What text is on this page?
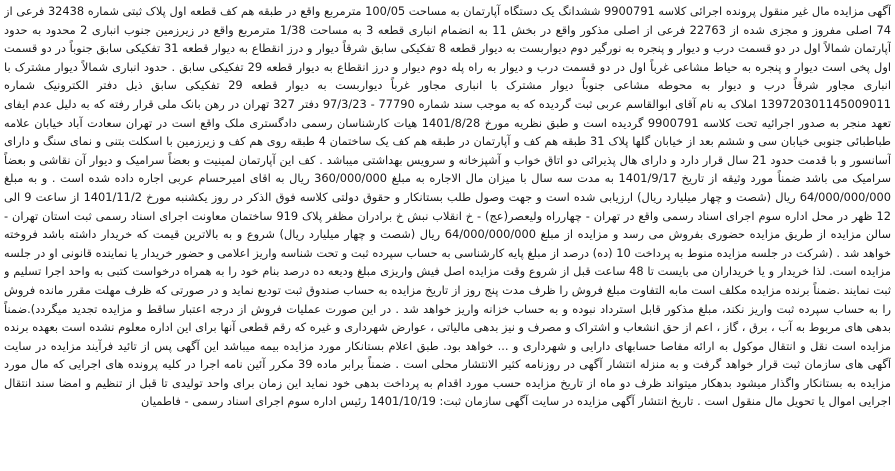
آگهی مزایده مال غیر منقول پرونده اجرائی کلاسه 9900791 ششدانگ یک دستگاه آپارتمان به مساحت 100/05 مترمربع واقع در طبقه هم کف قطعه اول پلاک ثبتی شماره 32438 فرعی از 74 اصلی مفروز و مجزی شده از 22763 فرعی از اصلی مذکور واقع در بخش 11 به انضمام انباری قطعه 3 به مساحت 1/38 مترمربع واقع در زیرزمین جنوب انباری 2 محدود به حدود آپارتمان شمالاً اول در دو قسمت درب و دیوار و پنجره به نورگیر دوم دیواربست به دیوار قطعه 8 تفکیکی سابق شرقاً دیوار و درز انقطاع به دیوار قطعه 31 تفکیکی سابق جنوباً در دو قسمت اول پخی است دیوار و پنجره به حیاط مشاعی غرباً اول در دو قسمت درب و دیوار به راه پله دوم دیوار و درز انقطاع به دیوار قطعه 29 تفکیکی سابق . حدود انباری شمالاً دیوار مشترک با انباری مجاور شرقاً درب و دیوار به محوطه مشاعی جنوباً دیوار مشترک با انباری مجاور غرباً دیواربست به دیوار قطعه 29 تفکیکی سابق ذیل دفتر الکترونیک شماره 139720301145009011 املاک به نام آقای ابوالقاسم عربی ثبت گردیده که به موجب سند شماره 77790 - 97/3/23 دفتر 327 تهران در رهن بانک ملی قرار رفته که به دلیل عدم ایفای تعهد منجر به صدور اجرائیه تحت کلاسه 9900791 گردیده است و طبق نظریه مورخ 1401/8/28 هیات کارشناسان رسمی دادگستری ملک واقع است در تهران سعادت آباد خیابان علامه طباطبائی جنوبی خیابان سی و ششم بعد از خیابان گلها پلاک 31 طبقه هم کف و آپارتمان در طبقه هم کف یک ساختمان 4 طبقه روی هم کف و زیرزمین با اسکلت بتنی و نمای سنگ و دارای آسانسور و با قدمت حدود 21 سال قرار دارد و دارای هال پذیرائی دو اتاق خواب و آشپزخانه و سرویس بهداشتی میباشد . کف این آپارتمان لمینیت و بعضاً سرامیک و دیوار آن نقاشی و بعضاً سرامیک می باشد ضمناً مورد وثیقه از تاریخ 1401/9/17 به مدت سه سال با میزان مال الاجاره به مبلغ 360/000/000 ریال به اقای امیرحسام عربی اجاره داده شده است . و به مبلغ 64/000/000/000 ریال (شصت و چهار میلیارد ریال) ارزیابی شده است و جهت وصول طلب بستانکار و حقوق دولتی کلاسه فوق الذکر در روز یکشنبه مورخ 1401/11/2 از ساعت 9 الی 12 ظهر در محل اداره سوم اجرای اسناد رسمی واقع در تهران - چهارراه ولیعصر(عج) - خ انقلاب نبش خ برادران مظفر پلاک 919 ساختمان معاونت اجرای اسناد رسمی ثبت استان تهران - سالن مزایده از طریق مزایده حضوری بفروش می رسد و مزایده از مبلغ 64/000/000/000 ریال (شصت و چهار میلیارد ریال) شروع و به بالاترین قیمت که خریدار داشته باشد فروخته خواهد شد . (شرکت در جلسه مزایده منوط به پرداخت 10 (ده) درصد از مبلغ پایه کارشناسی به حساب سپرده ثبت و تحت شناسه واریز اعلامی و حضور خریدار یا نماینده قانونی او در جلسه مزایده است. لذا خریدار و یا خریداران می بایست تا 48 ساعت قبل از شروع وقت مزایده اصل فیش واریزی مبلغ ودیعه ده درصد بنام خود را به همراه درخواست کتبی به واحد اجرا تسلیم و ثبت نمایند .ضمناً برنده مزایده مکلف است مابه التفاوت مبلغ فروش را ظرف مدت پنج روز از تاریخ مزایده به حساب صندوق ثبت تودیع نماید و در صورتی که ظرف مهلت مقرر مانده فروش را به حساب سپرده ثبت واریز نکند، مبلغ مذکور قابل استرداد نبوده و به حساب خزانه واریز خواهد شد . در این صورت عملیات فروش از درجه اعتبار ساقط و مزایده تجدید میگردد).ضمناً بدهی های مربوط به آب ، برق ، گاز ، اعم از حق انشعاب و اشتراک و مصرف و نیز بدهی مالیاتی ، عوارض شهرداری و غیره که رقم قطعی آنها برای این اداره معلوم نشده است بعهده برنده مزایده است نقل و انتقال موکول به ارائه مفاصا حسابهای دارایی و شهرداری و ... خواهد بود. طبق اعلام بستانکار مورد مزایده بیمه میباشد این آگهی پس از تائید فرآیند مزایده در سایت آگهی های سازمان ثبت قرار خواهد گرفت و به منزله انتشار آگهی در روزنامه کثیر الانتشار محلی است . ضمناً برابر ماده 39 مکرر آئین نامه اجرا در کلیه پرونده های اجرایی که مال مورد مزایده به بستانکار واگذار میشود بدهکار میتواند ظرف دو ماه از تاریخ مزایده حسب مورد اقدام به پرداخت بدهی خود نماید این زمان برای واحد تولیدی تا قبل از تنظیم و امضا سند انتقال اجرایی اموال یا تحویل مال منقول است . تاریخ انتشار آگهی مزایده در سایت آگهی سازمان ثبت: 1401/10/19 رئیس اداره سوم اجرای اسناد رسمی - فاطمیان
